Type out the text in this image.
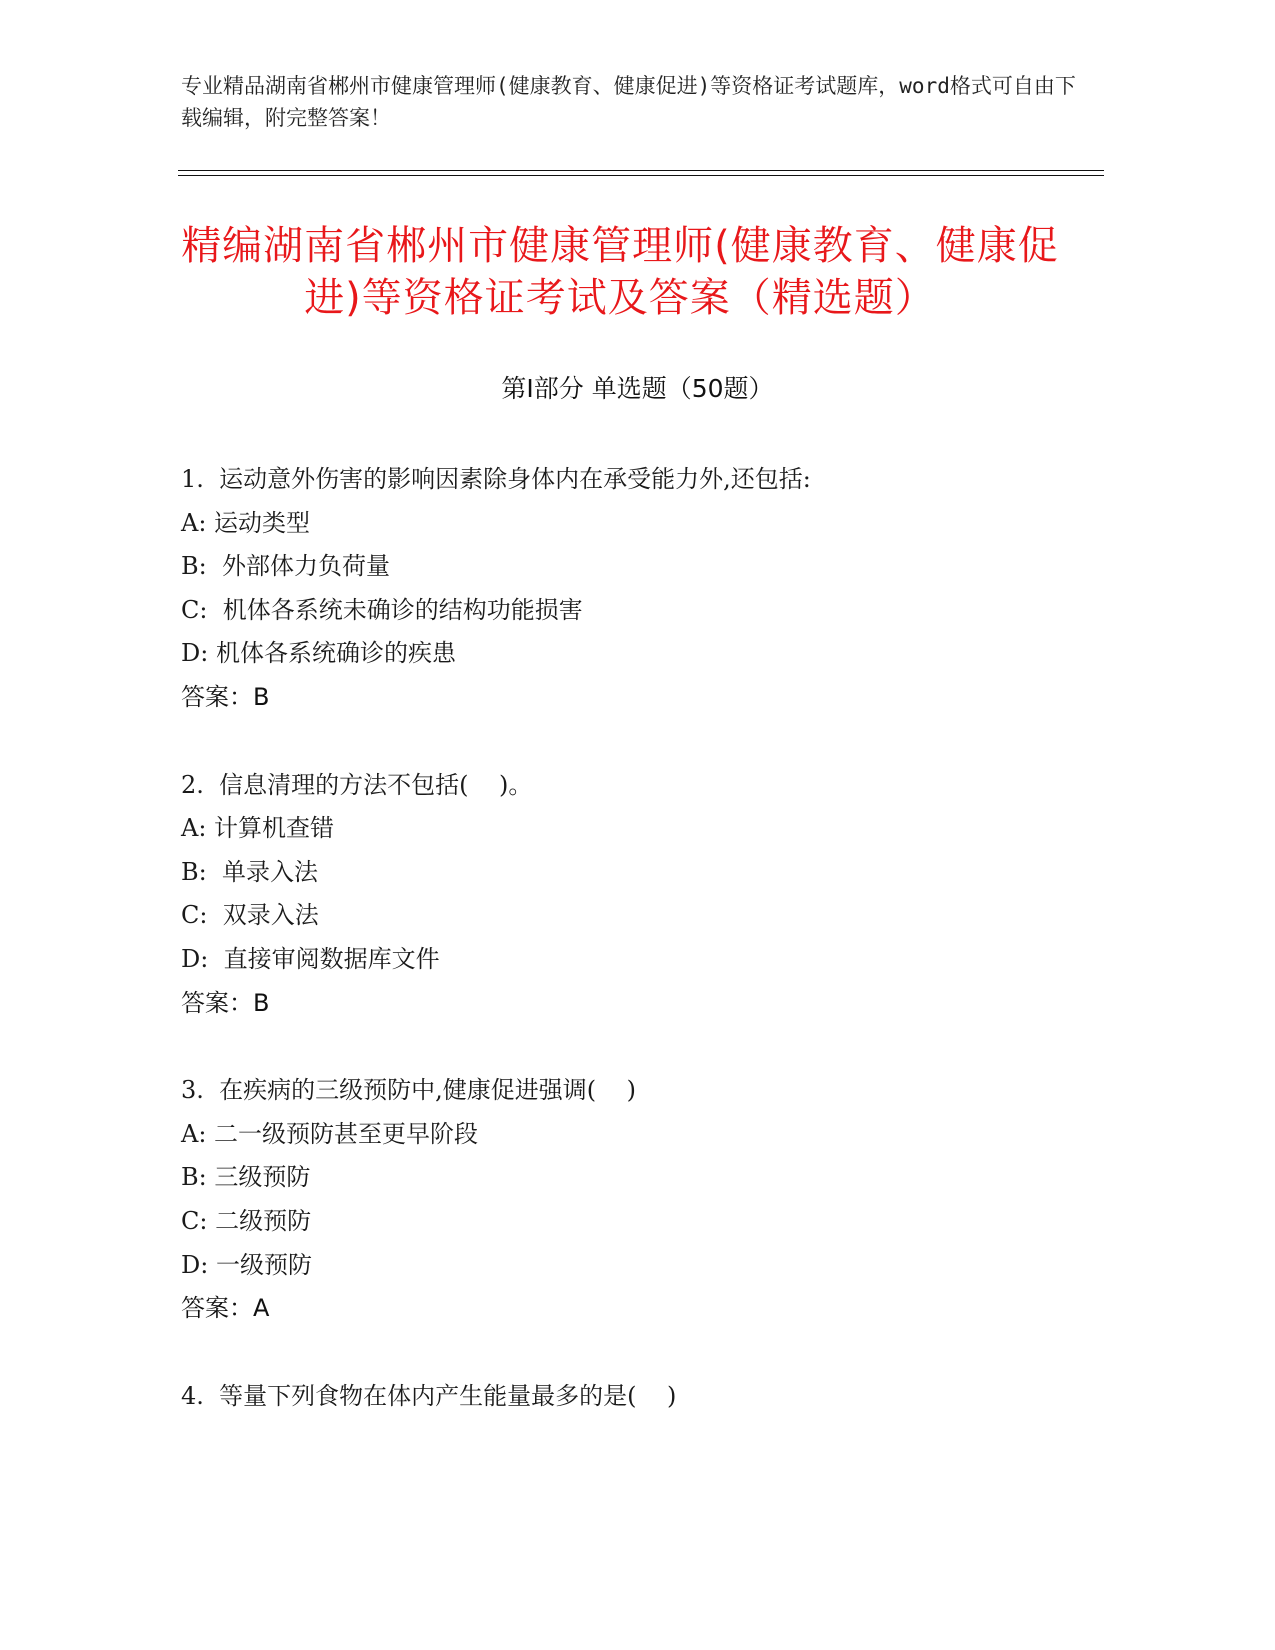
专业精品湖南省郴州市健康管理师(健康教育、健康促进)等资格证考试题库，word格式可自由下载编辑，附完整答案！
精编湖南省郴州市健康管理师(健康教育、健康促进)等资格证考试及答案（精选题）
第Ⅰ部分 单选题（50题）
1.  运动意外伤害的影响因素除身体内在承受能力外,还包括:
A: 运动类型
B:  外部体力负荷量
C:  机体各系统未确诊的结构功能损害
D: 机体各系统确诊的疾患
答案：B
2.  信息清理的方法不包括(    )。
A: 计算机查错
B:  单录入法
C:  双录入法
D:  直接审阅数据库文件
答案：B
3.  在疾病的三级预防中,健康促进强调(    )
A: 二一级预防甚至更早阶段
B: 三级预防
C: 二级预防
D: 一级预防
答案：A
4.  等量下列食物在体内产生能量最多的是(    )
